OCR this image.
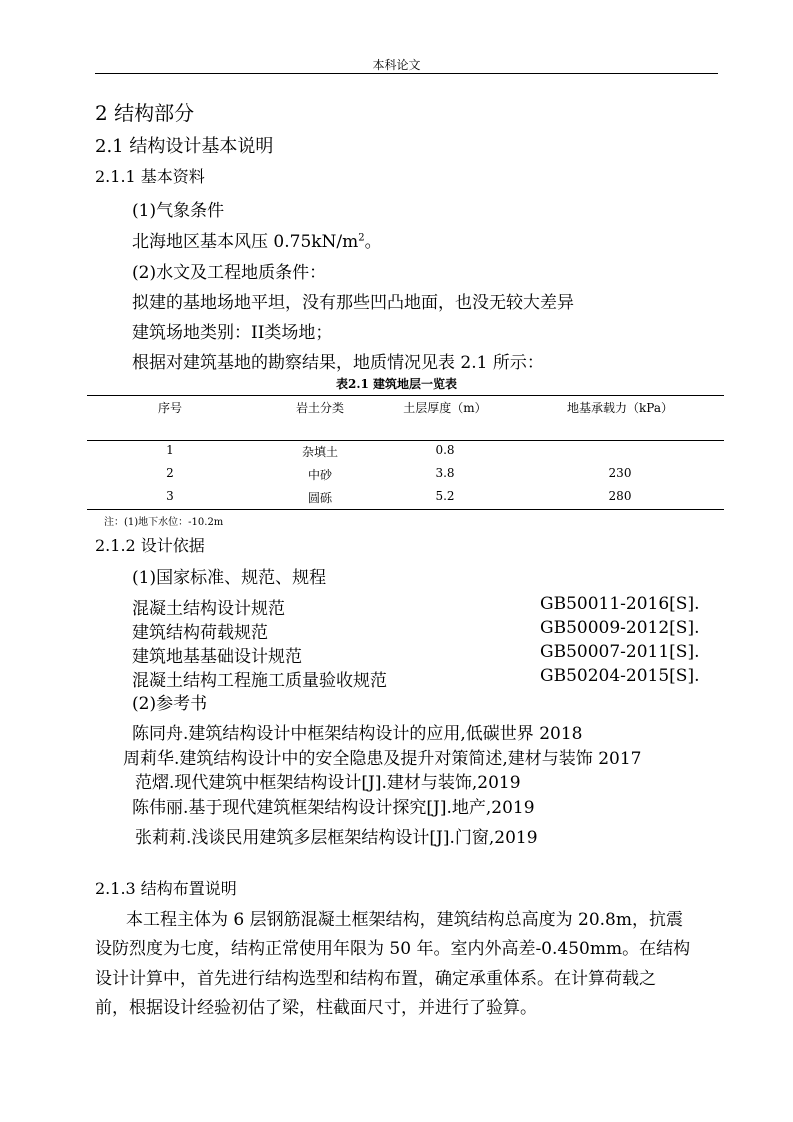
本科论文
2 结构部分
2.1 结构设计基本说明
2.1.1 基本资料
(1)气象条件
北海地区基本风压 $0.75kN/m^2$。
(2)水文及工程地质条件：
拟建的基地场地平坦，没有那些凹凸地面，也没无较大差异
建筑场地类别：II类场地；
根据对建筑基地的勘察结果，地质情况见表 2.1 所示：
表2.1 建筑地层一览表
序号	岩土分类	土层厚度（m）	地基承载力（kPa）
1	杂填土	0.8
2	中砂	3.8	230
3	圆砾	5.2	280
注：(1)地下水位：-10.2m
2.1.2 设计依据
(1)国家标准、规范、规程
混凝土结构设计规范	GB50011-2016[S].
建筑结构荷载规范	GB50009-2012[S].
建筑地基基础设计规范	GB50007-2011[S].
混凝土结构工程施工质量验收规范	GB50204-2015[S].
(2)参考书
陈同舟.建筑结构设计中框架结构设计的应用,低碳世界 2018
周莉华.建筑结构设计中的安全隐患及提升对策简述,建材与装饰 2017
范熠.现代建筑中框架结构设计[J].建材与装饰,2019
陈伟丽.基于现代建筑框架结构设计探究[J].地产,2019
张莉莉.浅谈民用建筑多层框架结构设计[J].门窗,2019
2.1.3 结构布置说明
本工程主体为 6 层钢筋混凝土框架结构，建筑结构总高度为 20.8m，抗震
设防烈度为七度，结构正常使用年限为 50 年。室内外高差-0.450mm。在结构
设计计算中，首先进行结构选型和结构布置，确定承重体系。在计算荷载之
前，根据设计经验初估了梁，柱截面尺寸，并进行了验算。
